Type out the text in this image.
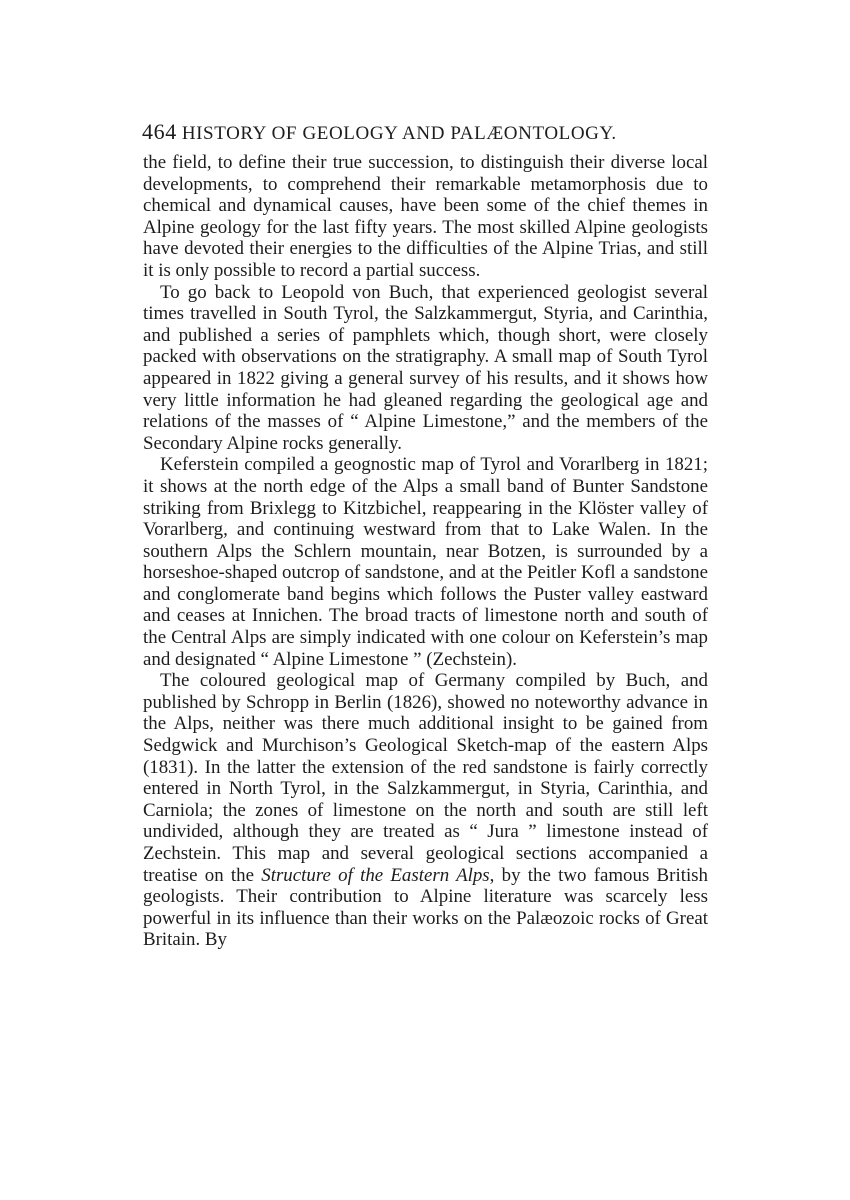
464 HISTORY OF GEOLOGY AND PALÆONTOLOGY.

the field, to define their true succession, to distinguish their diverse local developments, to comprehend their remarkable metamorphosis due to chemical and dynamical causes, have been some of the chief themes in Alpine geology for the last fifty years. The most skilled Alpine geologists have devoted their energies to the difficulties of the Alpine Trias, and still it is only possible to record a partial success.

To go back to Leopold von Buch, that experienced geologist several times travelled in South Tyrol, the Salzkammergut, Styria, and Carinthia, and published a series of pamphlets which, though short, were closely packed with observations on the stratigraphy. A small map of South Tyrol appeared in 1822 giving a general survey of his results, and it shows how very little information he had gleaned regarding the geological age and relations of the masses of “ Alpine Limestone,” and the members of the Secondary Alpine rocks generally.

Keferstein compiled a geognostic map of Tyrol and Vorarlberg in 1821; it shows at the north edge of the Alps a small band of Bunter Sandstone striking from Brixlegg to Kitzbichel, reappearing in the Klöster valley of Vorarlberg, and continuing westward from that to Lake Walen. In the southern Alps the Schlern mountain, near Botzen, is surrounded by a horseshoe-shaped outcrop of sandstone, and at the Peitler Kofl a sandstone and conglomerate band begins which follows the Puster valley eastward and ceases at Innichen. The broad tracts of limestone north and south of the Central Alps are simply indicated with one colour on Keferstein’s map and designated “ Alpine Limestone ” (Zechstein).

The coloured geological map of Germany compiled by Buch, and published by Schropp in Berlin (1826), showed no noteworthy advance in the Alps, neither was there much additional insight to be gained from Sedgwick and Murchison’s Geological Sketch-map of the eastern Alps (1831). In the latter the extension of the red sandstone is fairly correctly entered in North Tyrol, in the Salzkammergut, in Styria, Carinthia, and Carniola; the zones of limestone on the north and south are still left undivided, although they are treated as “ Jura ” limestone instead of Zechstein. This map and several geological sections accompanied a treatise on the Structure of the Eastern Alps, by the two famous British geologists. Their contribution to Alpine literature was scarcely less powerful in its influence than their works on the Palæozoic rocks of Great Britain. By
